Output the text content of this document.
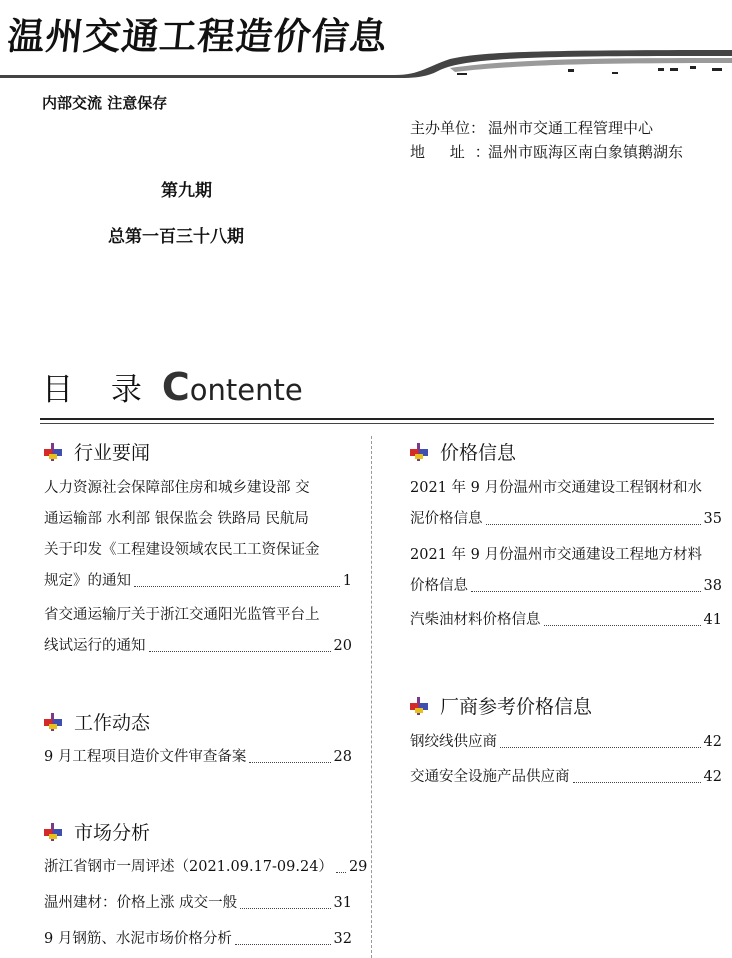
温州交通工程造价信息
内部交流 注意保存
主办单位： 温州市交通工程管理中心
地 址：温州市瓯海区南白象镇鹅湖东
第九期
总第一百三十八期
目 录 Contente
行业要闻
人力资源社会保障部住房和城乡建设部 交
通运输部 水利部 银保监会 铁路局 民航局
关于印发《工程建设领域农民工工资保证金
规定》的通知	1
省交通运输厅关于浙江交通阳光监管平台上
线试运行的通知	20
工作动态
9 月工程项目造价文件审查备案	28
市场分析
浙江省钢市一周评述（2021.09.17-09.24） 29
温州建材：价格上涨 成交一般	31
9 月钢筋、水泥市场价格分析	32
价格信息
2021 年 9 月份温州市交通建设工程钢材和水
泥价格信息	35
2021 年 9 月份温州市交通建设工程地方材料
价格信息	38
汽柴油材料价格信息	41
厂商参考价格信息
钢绞线供应商	42
交通安全设施产品供应商	42
